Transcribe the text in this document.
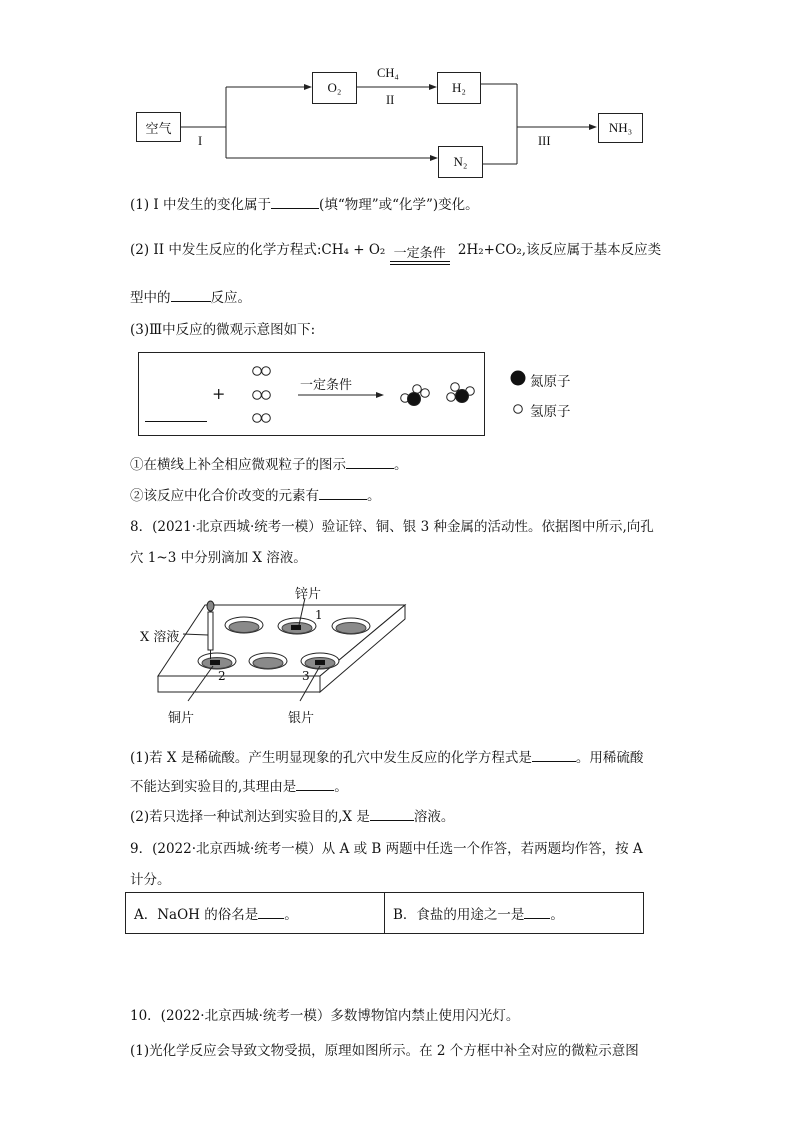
空气
O₂	H₂
N₂
NH₃
CH₄
II
I	III
(1) I 中发生的变化属于	(填“物理”或“化学”)变化。
(2) II 中发生反应的化学方程式:CH₄ + O₂ 一定条件 2H₂+CO₂,该反应属于基本反应类
型中的	反应。
(3)Ⅲ中反应的微观示意图如下:
+	一定条件	氮原子
氢原子
①在横线上补全相应微观粒子的图示	。
②该反应中化合价改变的元素有	。
8．(2021·北京西城·统考一模）验证锌、铜、银 3 种金属的活动性。依据图中所示,向孔
穴 1~3 中分别滴加 X 溶液。
锌片
X 溶液
铜片	银片
1
2	3
(1)若 X 是稀硫酸。产生明显现象的孔穴中发生反应的化学方程式是	。用稀硫酸
不能达到实验目的,其理由是	。
(2)若只选择一种试剂达到实验目的,X 是	溶液。
9．(2022·北京西城·统考一模）从 A 或 B 两题中任选一个作答，若两题均作答，按 A
计分。
A．NaOH 的俗名是 。	B．食盐的用途之一是 。
10．(2022·北京西城·统考一模）多数博物馆内禁止使用闪光灯。
(1)光化学反应会导致文物受损，原理如图所示。在 2 个方框中补全对应的微粒示意图
